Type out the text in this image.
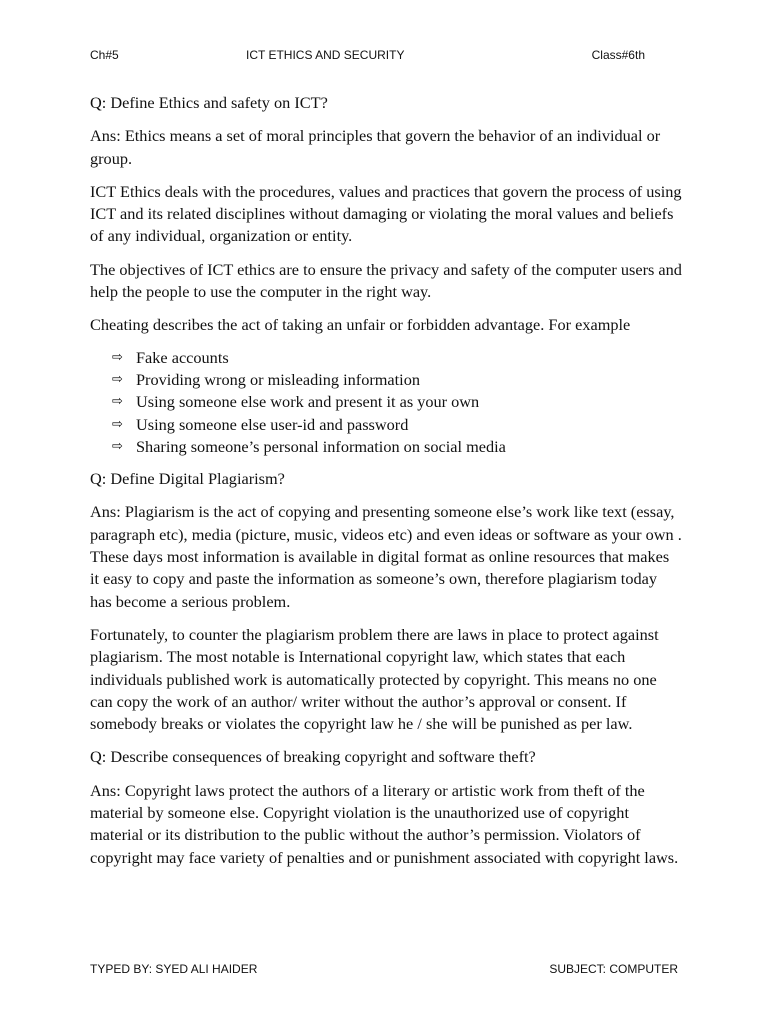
Ch#5	ICT ETHICS AND SECURITY	Class#6th

Q: Define Ethics and safety on ICT?

Ans: Ethics means a set of moral principles that govern the behavior of an individual or group.

ICT Ethics deals with the procedures, values and practices that govern the process of using ICT and its related disciplines without damaging or violating the moral values and beliefs of any individual, organization or entity.

The objectives of ICT ethics are to ensure the privacy and safety of the computer users and help the people to use the computer in the right way.

Cheating describes the act of taking an unfair or forbidden advantage. For example

⇨ Fake accounts
⇨ Providing wrong or misleading information
⇨ Using someone else work and present it as your own
⇨ Using someone else user-id and password
⇨ Sharing someone’s personal information on social media

Q: Define Digital Plagiarism?

Ans: Plagiarism is the act of copying and presenting someone else’s work like text (essay, paragraph etc), media (picture, music, videos etc) and even ideas or software as your own . These days most information is available in digital format as online resources that makes it easy to copy and paste the information as someone’s own, therefore plagiarism today has become a serious problem.

Fortunately, to counter the plagiarism problem there are laws in place to protect against plagiarism. The most notable is International copyright law, which states that each individuals published work is automatically protected by copyright. This means no one can copy the work of an author/ writer without the author’s approval or consent. If somebody breaks or violates the copyright law he / she will be punished as per law.

Q: Describe consequences of breaking copyright and software theft?

Ans: Copyright laws protect the authors of a literary or artistic work from theft of the material by someone else. Copyright violation is the unauthorized use of copyright material or its distribution to the public without the author’s permission. Violators of copyright may face variety of penalties and or punishment associated with copyright laws.

TYPED BY: SYED ALI HAIDER	SUBJECT: COMPUTER
